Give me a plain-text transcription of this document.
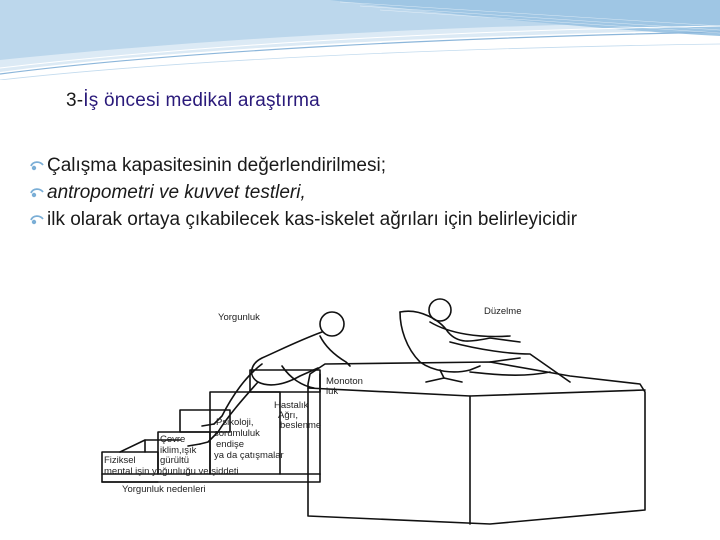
3-İş öncesi medikal araştırma
Çalışma kapasitesinin değerlendirilmesi;
antropometri ve kuvvet testleri,
ilk olarak ortaya çıkabilecek kas-iskelet ağrıları için belirleyicidir
Yorgunluk
Düzelme
Monoton
luk
Hastalık
Ağrı,
beslenme
Psikoloji,
sorumluluk
endişe
ya da çatışmalar
Çevre
iklim,ışık
gürültü
Fiziksel
mental işin yoğunluğu ve şiddeti
Yorgunluk nedenleri
